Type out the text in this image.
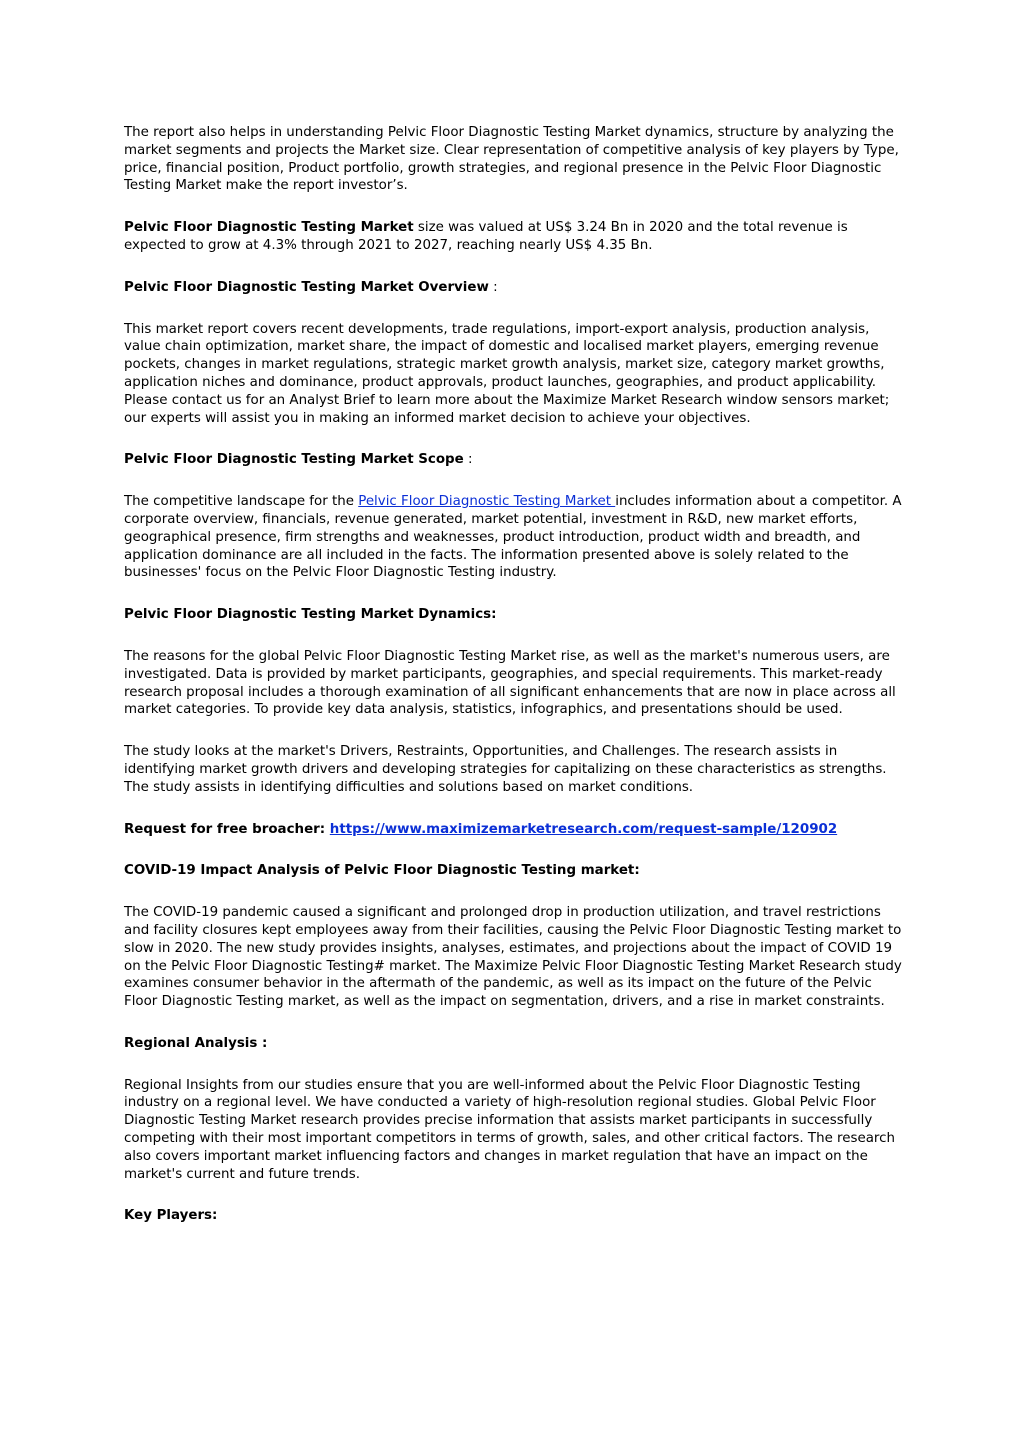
The report also helps in understanding Pelvic Floor Diagnostic Testing Market dynamics, structure by analyzing the market segments and projects the Market size. Clear representation of competitive analysis of key players by Type, price, financial position, Product portfolio, growth strategies, and regional presence in the Pelvic Floor Diagnostic Testing Market make the report investor’s.

Pelvic Floor Diagnostic Testing Market size was valued at US$ 3.24 Bn in 2020 and the total revenue is expected to grow at 4.3% through 2021 to 2027, reaching nearly US$ 4.35 Bn.

Pelvic Floor Diagnostic Testing Market Overview :

This market report covers recent developments, trade regulations, import-export analysis, production analysis, value chain optimization, market share, the impact of domestic and localised market players, emerging revenue pockets, changes in market regulations, strategic market growth analysis, market size, category market growths, application niches and dominance, product approvals, product launches, geographies, and product applicability. Please contact us for an Analyst Brief to learn more about the Maximize Market Research window sensors market; our experts will assist you in making an informed market decision to achieve your objectives.

Pelvic Floor Diagnostic Testing Market Scope :

The competitive landscape for the Pelvic Floor Diagnostic Testing Market includes information about a competitor. A corporate overview, financials, revenue generated, market potential, investment in R&D, new market efforts, geographical presence, firm strengths and weaknesses, product introduction, product width and breadth, and application dominance are all included in the facts. The information presented above is solely related to the businesses' focus on the Pelvic Floor Diagnostic Testing industry.

Pelvic Floor Diagnostic Testing Market Dynamics:

The reasons for the global Pelvic Floor Diagnostic Testing Market rise, as well as the market's numerous users, are investigated. Data is provided by market participants, geographies, and special requirements. This market-ready research proposal includes a thorough examination of all significant enhancements that are now in place across all market categories. To provide key data analysis, statistics, infographics, and presentations should be used.

The study looks at the market's Drivers, Restraints, Opportunities, and Challenges. The research assists in identifying market growth drivers and developing strategies for capitalizing on these characteristics as strengths. The study assists in identifying difficulties and solutions based on market conditions.

Request for free broacher: https://www.maximizemarketresearch.com/request-sample/120902

COVID-19 Impact Analysis of Pelvic Floor Diagnostic Testing market:

The COVID-19 pandemic caused a significant and prolonged drop in production utilization, and travel restrictions and facility closures kept employees away from their facilities, causing the Pelvic Floor Diagnostic Testing market to slow in 2020. The new study provides insights, analyses, estimates, and projections about the impact of COVID 19 on the Pelvic Floor Diagnostic Testing# market. The Maximize Pelvic Floor Diagnostic Testing Market Research study examines consumer behavior in the aftermath of the pandemic, as well as its impact on the future of the Pelvic Floor Diagnostic Testing market, as well as the impact on segmentation, drivers, and a rise in market constraints.

Regional Analysis :

Regional Insights from our studies ensure that you are well-informed about the Pelvic Floor Diagnostic Testing industry on a regional level. We have conducted a variety of high-resolution regional studies. Global Pelvic Floor Diagnostic Testing Market research provides precise information that assists market participants in successfully competing with their most important competitors in terms of growth, sales, and other critical factors. The research also covers important market influencing factors and changes in market regulation that have an impact on the market's current and future trends.

Key Players:
